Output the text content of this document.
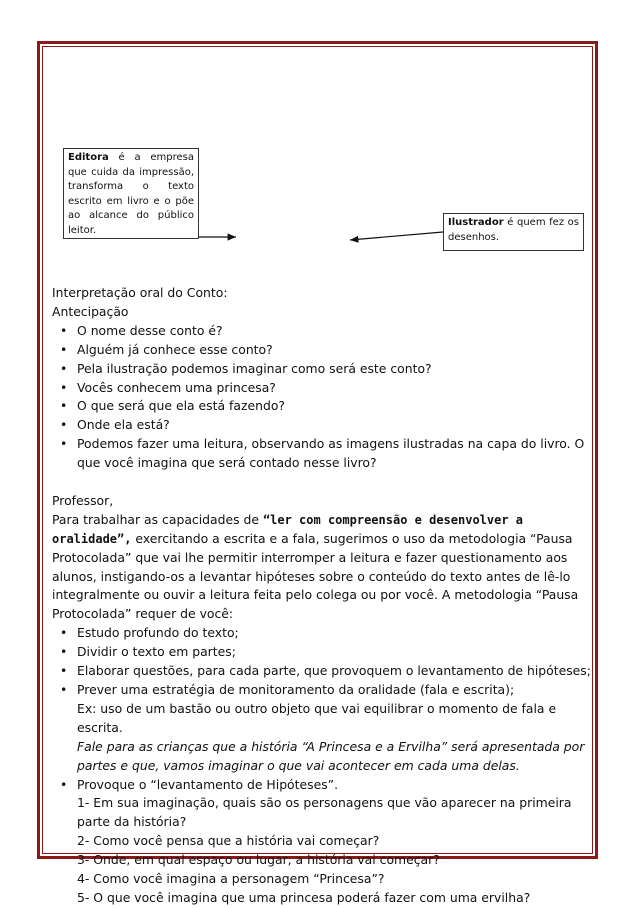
Editora é a empresa que cuida da impressão, transforma o texto escrito em livro e o põe ao alcance do público leitor.
Ilustrador é quem fez os desenhos.

Interpretação oral do Conto:

Antecipação

• O nome desse conto é?
• Alguém já conhece esse conto?
• Pela ilustração podemos imaginar como será este conto?
• Vocês conhecem uma princesa?
• O que será que ela está fazendo?
• Onde ela está?
• Podemos fazer uma leitura, observando as imagens ilustradas na capa do livro. O que você imagina que será contado nesse livro?

Professor,

Para trabalhar as capacidades de “ler com compreensão e desenvolver a oralidade”, exercitando a escrita e a fala, sugerimos o uso da metodologia “Pausa Protocolada” que vai lhe permitir interromper a leitura e fazer questionamento aos alunos, instigando-os a levantar hipóteses sobre o conteúdo do texto antes de lê-lo integralmente ou ouvir a leitura feita pelo colega ou por você. A metodologia “Pausa Protocolada” requer de você:

• Estudo profundo do texto;
• Dividir o texto em partes;
• Elaborar questões, para cada parte, que provoquem o levantamento de hipóteses;
• Prever uma estratégia de monitoramento da oralidade (fala e escrita);
Ex: uso de um bastão ou outro objeto que vai equilibrar o momento de fala e escrita.
Fale para as crianças que a história “A Princesa e a Ervilha” será apresentada por partes e que, vamos imaginar o que vai acontecer em cada uma delas.
• Provoque o “levantamento de Hipóteses”.
1- Em sua imaginação, quais são os personagens que vão aparecer na primeira parte da história?
2- Como você pensa que a história vai começar?
3- Onde, em qual espaço ou lugar, a história vai começar?
4- Como você imagina a personagem “Princesa”?
5- O que você imagina que uma princesa poderá fazer com uma ervilha?
